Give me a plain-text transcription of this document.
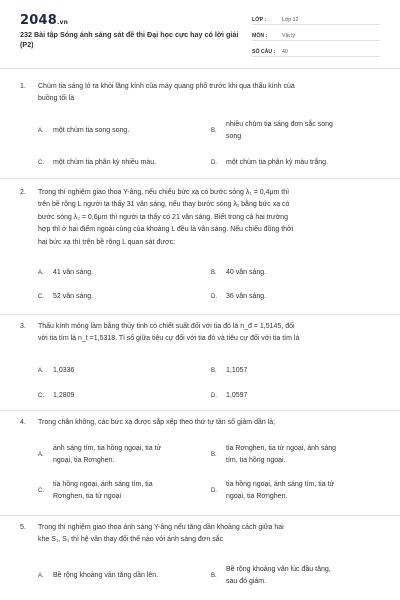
2048.vn
232 Bài tập Sóng ánh sáng sát đề thi Đại học cực hay có lời giải (P2)
LỚP :	Lớp 12
MÔN :	Vật lý
SỐ CÂU :	40
1. Chùm tia sáng ló ra khỏi lăng kính của máy quang phổ trước khi qua thấu kính của
buồng tối là
A. một chùm tia song song.	B.
nhiều chùm tia sáng đơn sắc song
song
C. một chùm tia phân kỳ nhiều màu.	D. một chùm tia phân kỳ màu trắng.
2. Trong thí nghiệm giao thoa Y-âng, nếu chiếu bức xạ có bước sóng λ₁ = 0,4μm thì
trên bề rộng L người ta thấy 31 vân sáng, nếu thay bước sóng λ₁ bằng bức xạ có
bước sóng λ₂ = 0,6μm thì người ta thấy có 21 vân sáng. Biết trong cả hai trường
hợp thì ở hai điểm ngoài cùng của khoảng L đều là vân sáng. Nếu chiếu đồng thời
hai bức xạ thì trên bề rộng L quan sát được:
A. 41 vân sáng.	B. 40 vân sáng.
C. 52 vân sáng.	D. 36 vân sáng.
3. Thấu kính mỏng làm bằng thủy tinh có chiết suất đối với tia đỏ là n_đ = 1,5145, đối
với tia tím là n_t =1,5318. Tỉ số giữa tiêu cự đối với tia đỏ và tiêu cự đối với tia tím là
A. 1,0336	B. 1,1057
C. 1,2809	D. 1,0597
4. Trong chân không, các bức xạ được sắp xếp theo thứ tự tần số giảm dần là;
A.
ánh sáng tím, tia hồng ngoại, tia tử
ngoại, tia Rơnghen.
B.
tia Rơnghen, tia tử ngoại, ánh sáng
tím, tia hồng ngoại.
C.
tia hồng ngoại, ánh sáng tím, tia
Rơnghen, tia tử ngoại
D.
tia hồng ngoại, ánh sáng tím, tia tử
ngoại, tia Rơnghen.
5. Trong thí nghiệm giao thoa ánh sáng Y-âng nếu tăng dần khoảng cách giữa hai
khe S₁, S₁ thì hệ vân thay đổi thế nào với ánh sáng đơn sắc
A. Bề rộng khoảng vân tăng dần lên.	B.
Bề rộng khoảng vân lúc đầu tăng,
sau đó giảm.
